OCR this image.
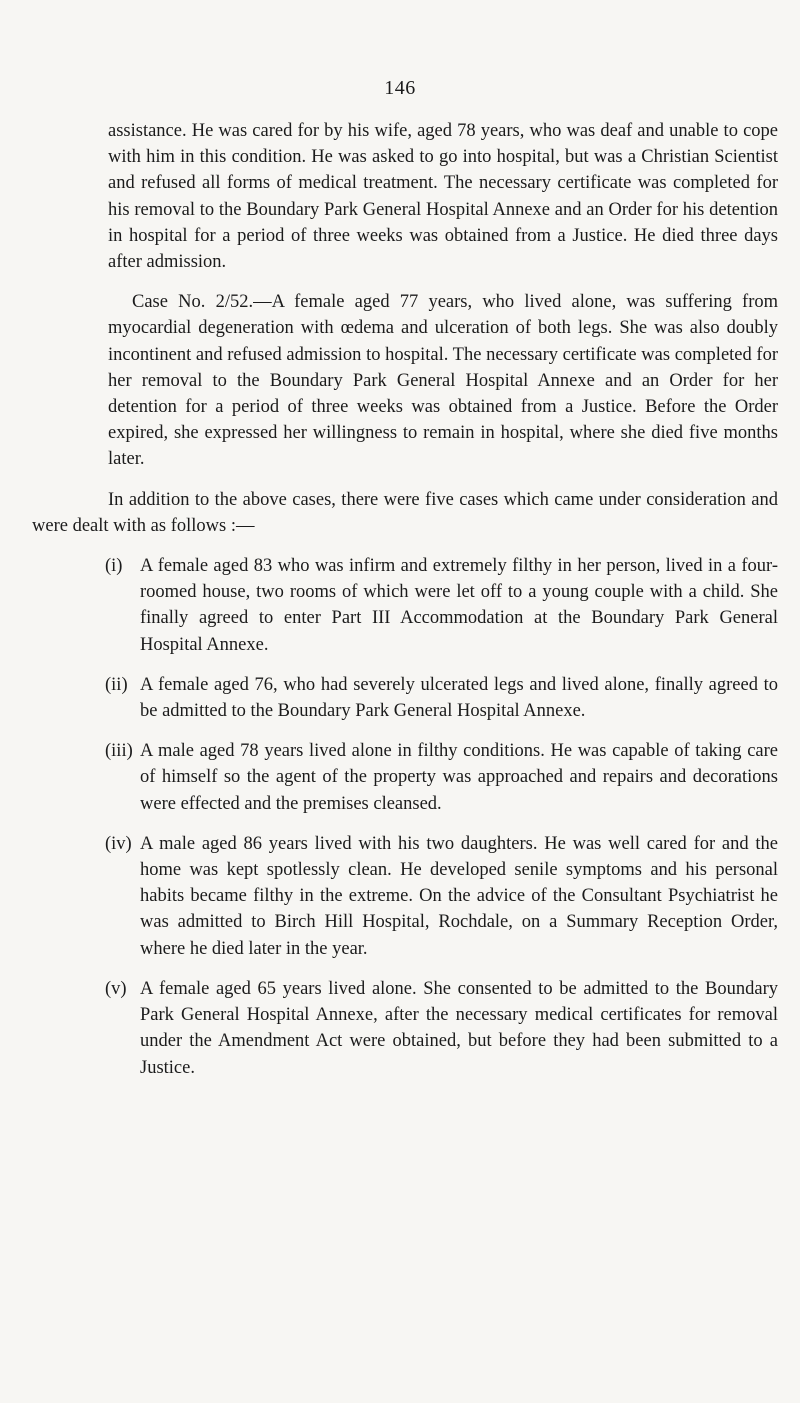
146

assistance. He was cared for by his wife, aged 78 years, who was deaf and unable to cope with him in this condition. He was asked to go into hospital, but was a Christian Scientist and refused all forms of medical treatment. The necessary certificate was completed for his removal to the Boundary Park General Hospital Annexe and an Order for his detention in hospital for a period of three weeks was obtained from a Justice. He died three days after admission.

Case No. 2/52.—A female aged 77 years, who lived alone, was suffering from myocardial degeneration with œdema and ulceration of both legs. She was also doubly incontinent and refused admission to hospital. The necessary certificate was completed for her removal to the Boundary Park General Hospital Annexe and an Order for her detention for a period of three weeks was obtained from a Justice. Before the Order expired, she expressed her willingness to remain in hospital, where she died five months later.

In addition to the above cases, there were five cases which came under consideration and were dealt with as follows :—

(i) A female aged 83 who was infirm and extremely filthy in her person, lived in a four-roomed house, two rooms of which were let off to a young couple with a child. She finally agreed to enter Part III Accommodation at the Boundary Park General Hospital Annexe.
(ii) A female aged 76, who had severely ulcerated legs and lived alone, finally agreed to be admitted to the Boundary Park General Hospital Annexe.
(iii) A male aged 78 years lived alone in filthy conditions. He was capable of taking care of himself so the agent of the property was approached and repairs and decorations were effected and the premises cleansed.
(iv) A male aged 86 years lived with his two daughters. He was well cared for and the home was kept spotlessly clean. He developed senile symptoms and his personal habits became filthy in the extreme. On the advice of the Consultant Psychiatrist he was admitted to Birch Hill Hospital, Rochdale, on a Summary Reception Order, where he died later in the year.
(v) A female aged 65 years lived alone. She consented to be admitted to the Boundary Park General Hospital Annexe, after the necessary medical certificates for removal under the Amendment Act were obtained, but before they had been submitted to a Justice.
